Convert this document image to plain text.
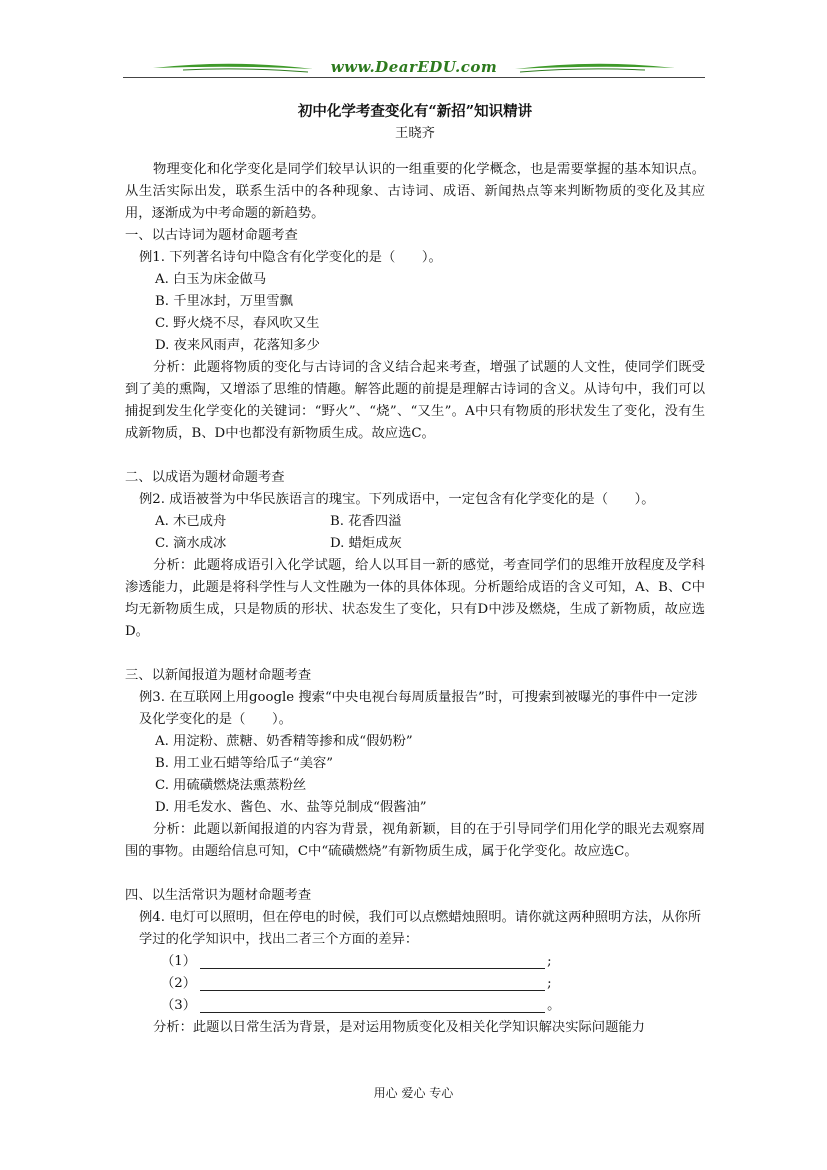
www.DearEDU.com
初中化学考查变化有“新招”知识精讲
王晓齐
物理变化和化学变化是同学们较早认识的一组重要的化学概念，也是需要掌握的基本知识点。从生活实际出发，联系生活中的各种现象、古诗词、成语、新闻热点等来判断物质的变化及其应用，逐渐成为中考命题的新趋势。
一、以古诗词为题材命题考查
例1. 下列著名诗句中隐含有化学变化的是（　　）。
A. 白玉为床金做马
B. 千里冰封，万里雪飘
C. 野火烧不尽，春风吹又生
D. 夜来风雨声，花落知多少
分析：此题将物质的变化与古诗词的含义结合起来考查，增强了试题的人文性，使同学们既受到了美的熏陶，又增添了思维的情趣。解答此题的前提是理解古诗词的含义。从诗句中，我们可以捕捉到发生化学变化的关键词：“野火”、“烧”、“又生”。A中只有物质的形状发生了变化，没有生成新物质，B、D中也都没有新物质生成。故应选C。
二、以成语为题材命题考查
例2. 成语被誉为中华民族语言的瑰宝。下列成语中，一定包含有化学变化的是（　　）。
A. 木已成舟	B. 花香四溢
C. 滴水成冰	D. 蜡炬成灰
分析：此题将成语引入化学试题，给人以耳目一新的感觉，考查同学们的思维开放程度及学科渗透能力，此题是将科学性与人文性融为一体的具体体现。分析题给成语的含义可知，A、B、C中均无新物质生成，只是物质的形状、状态发生了变化，只有D中涉及燃烧，生成了新物质，故应选D。
三、以新闻报道为题材命题考查
例3. 在互联网上用google 搜索“中央电视台每周质量报告”时，可搜索到被曝光的事件中一定涉及化学变化的是（　　）。
A. 用淀粉、蔗糖、奶香精等掺和成“假奶粉”
B. 用工业石蜡等给瓜子“美容”
C. 用硫磺燃烧法熏蒸粉丝
D. 用毛发水、酱色、水、盐等兑制成“假酱油”
分析：此题以新闻报道的内容为背景，视角新颖，目的在于引导同学们用化学的眼光去观察周围的事物。由题给信息可知，C中“硫磺燃烧”有新物质生成，属于化学变化。故应选C。
四、以生活常识为题材命题考查
例4. 电灯可以照明，但在停电的时候，我们可以点燃蜡烛照明。请你就这两种照明方法，从你所学过的化学知识中，找出二者三个方面的差异：
（1）	;
（2）	;
（3）	。
分析：此题以日常生活为背景，是对运用物质变化及相关化学知识解决实际问题能力
用心 爱心 专心
